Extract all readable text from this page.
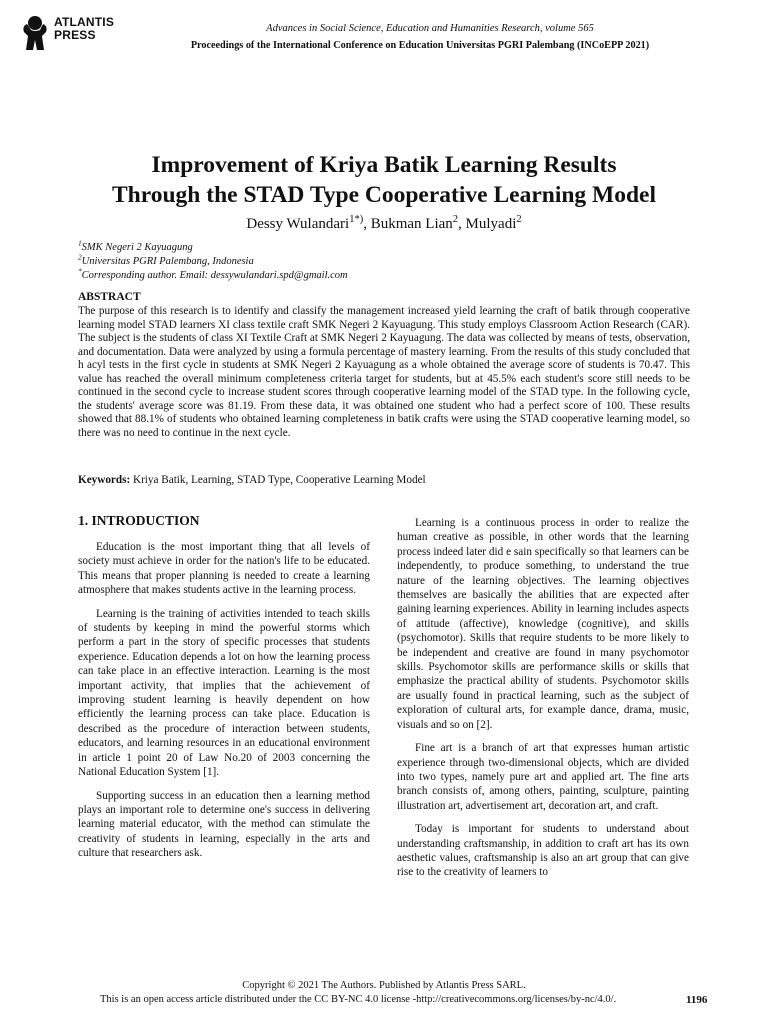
ATLANTIS
PRESS	Advances in Social Science, Education and Humanities Research, volume 565
Proceedings of the International Conference on Education Universitas PGRI Palembang (INCoEPP 2021)
Improvement of Kriya Batik Learning Results
Through the STAD Type Cooperative Learning Model
Dessy Wulandari$^{1*)}$, Bukman Lian$^2$, Mulyadi$^2$
$^1$SMK Negeri 2 Kayuagung
$^2$Universitas PGRI Palembang, Indonesia
*Corresponding author. Email: dessywulandari.spd@gmail.com
ABSTRACT

The purpose of this research is to identify and classify the management increased yield learning the craft of batik through cooperative learning model STAD learners XI class textile craft SMK Negeri 2 Kayuagung. This study employs Classroom Action Research (CAR). The subject is the students of class XI Textile Craft at SMK Negeri 2 Kayuagung. The data was collected by means of tests, observation, and documentation. Data were analyzed by using a formula percentage of mastery learning. From the results of this study concluded that h acyl tests in the first cycle in students at SMK Negeri 2 Kayuagung as a whole obtained the average score of students is 70.47. This value has reached the overall minimum completeness criteria target for students, but at 45.5% each student's score still needs to be continued in the second cycle to increase student scores through cooperative learning model of the STAD type. In the following cycle, the students' average score was 81.19. From these data, it was obtained one student who had a perfect score of 100. These results showed that 88.1% of students who obtained learning completeness in batik crafts were using the STAD cooperative learning model, so there was no need to continue in the next cycle.

Keywords: Kriya Batik, Learning, STAD Type, Cooperative Learning Model
1. INTRODUCTION

Education is the most important thing that all levels of society must achieve in order for the nation's life to be educated. This means that proper planning is needed to create a learning atmosphere that makes students active in the learning process.

Learning is the training of activities intended to teach skills of students by keeping in mind the powerful storms which perform a part in the story of specific processes that students experience. Education depends a lot on how the learning process can take place in an effective interaction. Learning is the most important activity, that implies that the achievement of improving student learning is heavily dependent on how efficiently the learning process can take place. Education is described as the procedure of interaction between students, educators, and learning resources in an educational environment in article 1 point 20 of Law No.20 of 2003 concerning the National Education System [1].

Supporting success in an education then a learning method plays an important role to determine one's success in delivering learning material educator, with the method can stimulate the creativity of students in learning, especially in the arts and culture that researchers ask.

Learning is a continuous process in order to realize the human creative as possible, in other words that the learning process indeed later did e sain specifically so that learners can be independently, to produce something, to understand the true nature of the learning objectives. The learning objectives themselves are basically the abilities that are expected after gaining learning experiences. Ability in learning includes aspects of attitude (affective), knowledge (cognitive), and skills (psychomotor). Skills that require students to be more likely to be independent and creative are found in many psychomotor skills. Psychomotor skills are performance skills or skills that emphasize the practical ability of students. Psychomotor skills are usually found in practical learning, such as the subject of exploration of cultural arts, for example dance, drama, music, visuals and so on [2].

Fine art is a branch of art that expresses human artistic experience through two-dimensional objects, which are divided into two types, namely pure art and applied art. The fine arts branch consists of, among others, painting, sculpture, painting illustration art, advertisement art, decoration art, and craft.

Today is important for students to understand about understanding craftsmanship, in addition to craft art has its own aesthetic values, craftsmanship is also an art group that can give rise to the creativity of learners to

Copyright © 2021 The Authors. Published by Atlantis Press SARL.
This is an open access article distributed under the CC BY-NC 4.0 license -http://creativecommons.org/licenses/by-nc/4.0/.	1196
